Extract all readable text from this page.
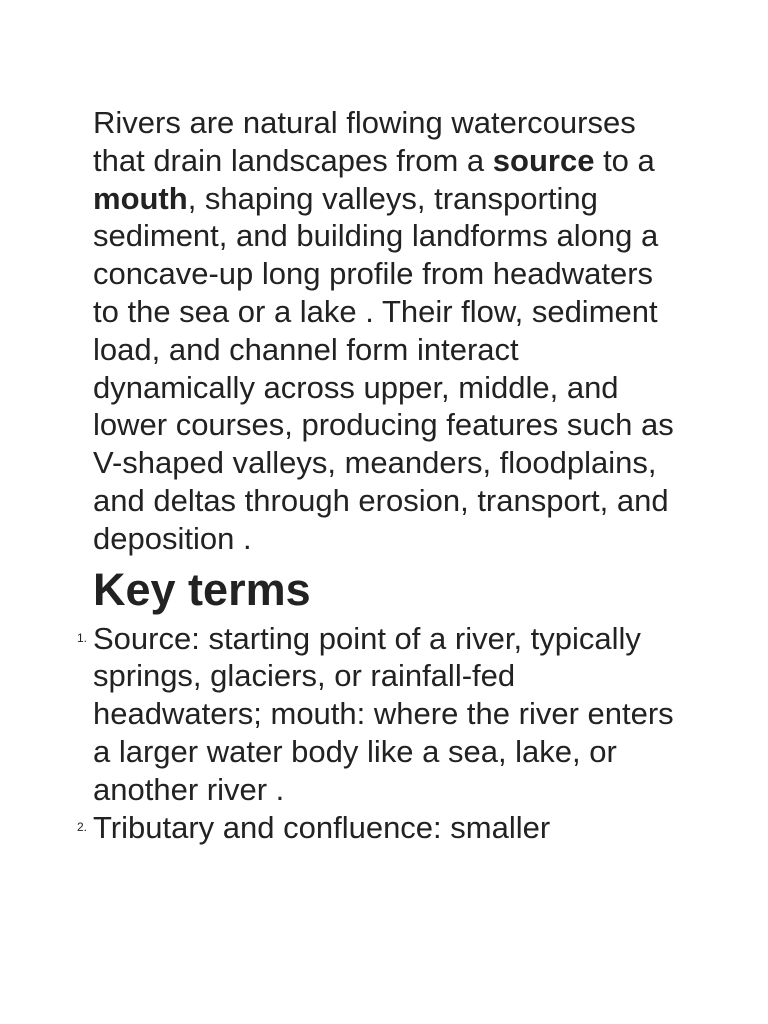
Rivers are natural flowing watercourses that drain landscapes from a source to a mouth, shaping valleys, transporting sediment, and building landforms along a concave-up long profile from headwaters to the sea or a lake . Their flow, sediment load, and channel form interact dynamically across upper, middle, and lower courses, producing features such as V-shaped valleys, meanders, floodplains, and deltas through erosion, transport, and deposition .

Key terms
1. Source: starting point of a river, typically springs, glaciers, or rainfall-fed headwaters; mouth: where the river enters a larger water body like a sea, lake, or another river .
2. Tributary and confluence: smaller
